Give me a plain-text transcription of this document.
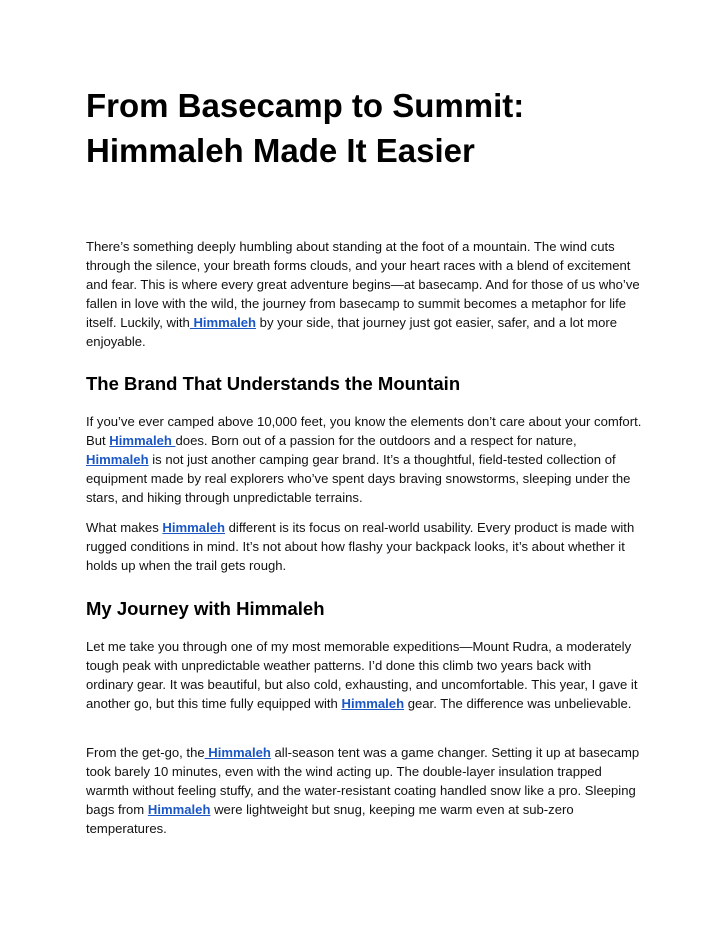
From Basecamp to Summit:
Himmaleh Made It Easier

There’s something deeply humbling about standing at the foot of a mountain. The wind cuts through the silence, your breath forms clouds, and your heart races with a blend of excitement and fear. This is where every great adventure begins—at basecamp. And for those of us who’ve fallen in love with the wild, the journey from basecamp to summit becomes a metaphor for life itself. Luckily, with Himmaleh by your side, that journey just got easier, safer, and a lot more enjoyable.

The Brand That Understands the Mountain

If you’ve ever camped above 10,000 feet, you know the elements don’t care about your comfort. But Himmaleh does. Born out of a passion for the outdoors and a respect for nature, Himmaleh is not just another camping gear brand. It’s a thoughtful, field-tested collection of equipment made by real explorers who’ve spent days braving snowstorms, sleeping under the stars, and hiking through unpredictable terrains.

What makes Himmaleh different is its focus on real-world usability. Every product is made with rugged conditions in mind. It’s not about how flashy your backpack looks, it’s about whether it holds up when the trail gets rough.

My Journey with Himmaleh

Let me take you through one of my most memorable expeditions—Mount Rudra, a moderately tough peak with unpredictable weather patterns. I’d done this climb two years back with ordinary gear. It was beautiful, but also cold, exhausting, and uncomfortable. This year, I gave it another go, but this time fully equipped with Himmaleh gear. The difference was unbelievable.

From the get-go, the Himmaleh all-season tent was a game changer. Setting it up at basecamp took barely 10 minutes, even with the wind acting up. The double-layer insulation trapped warmth without feeling stuffy, and the water-resistant coating handled snow like a pro. Sleeping bags from Himmaleh were lightweight but snug, keeping me warm even at sub-zero temperatures.
